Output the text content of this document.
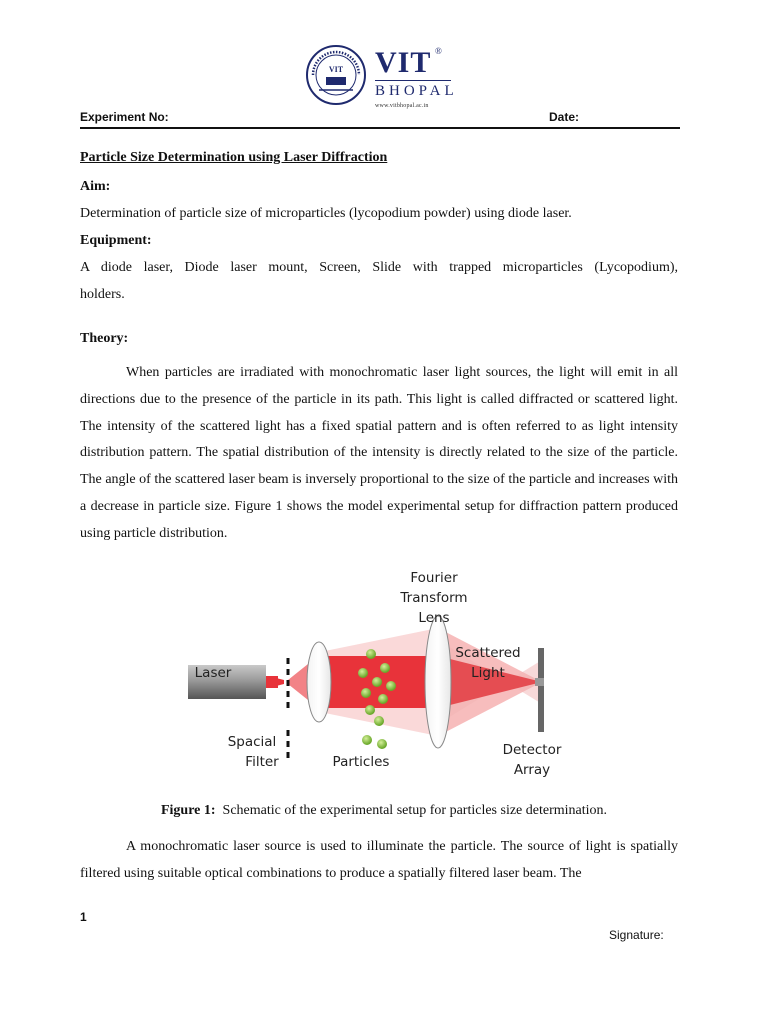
VIT VIT ®
BHOPAL
www.vitbhopal.ac.in
Experiment No:	Date:
Particle Size Determination using Laser Diffraction
Aim:
Determination of particle size of microparticles (lycopodium powder) using diode laser.
Equipment:
A diode laser, Diode laser mount, Screen, Slide with trapped microparticles (Lycopodium),
holders.
Theory:
When particles are irradiated with monochromatic laser light sources, the light will emit in all directions due to the presence of the particle in its path. This light is called diffracted or scattered light. The intensity of the scattered light has a fixed spatial pattern and is often referred to as light intensity distribution pattern. The spatial distribution of the intensity is directly related to the size of the particle. The angle of the scattered laser beam is inversely proportional to the size of the particle and increases with a decrease in particle size. Figure 1 shows the model experimental setup for diffraction pattern produced using particle distribution.
Fourier
Transform
Lens
Laser
Scattered
Light
Spacial
Filter	Particles
Detector
Array
Figure 1:  Schematic of the experimental setup for particles size determination.
A monochromatic laser source is used to illuminate the particle. The source of light is spatially filtered using suitable optical combinations to produce a spatially filtered laser beam. The
1
Signature:
